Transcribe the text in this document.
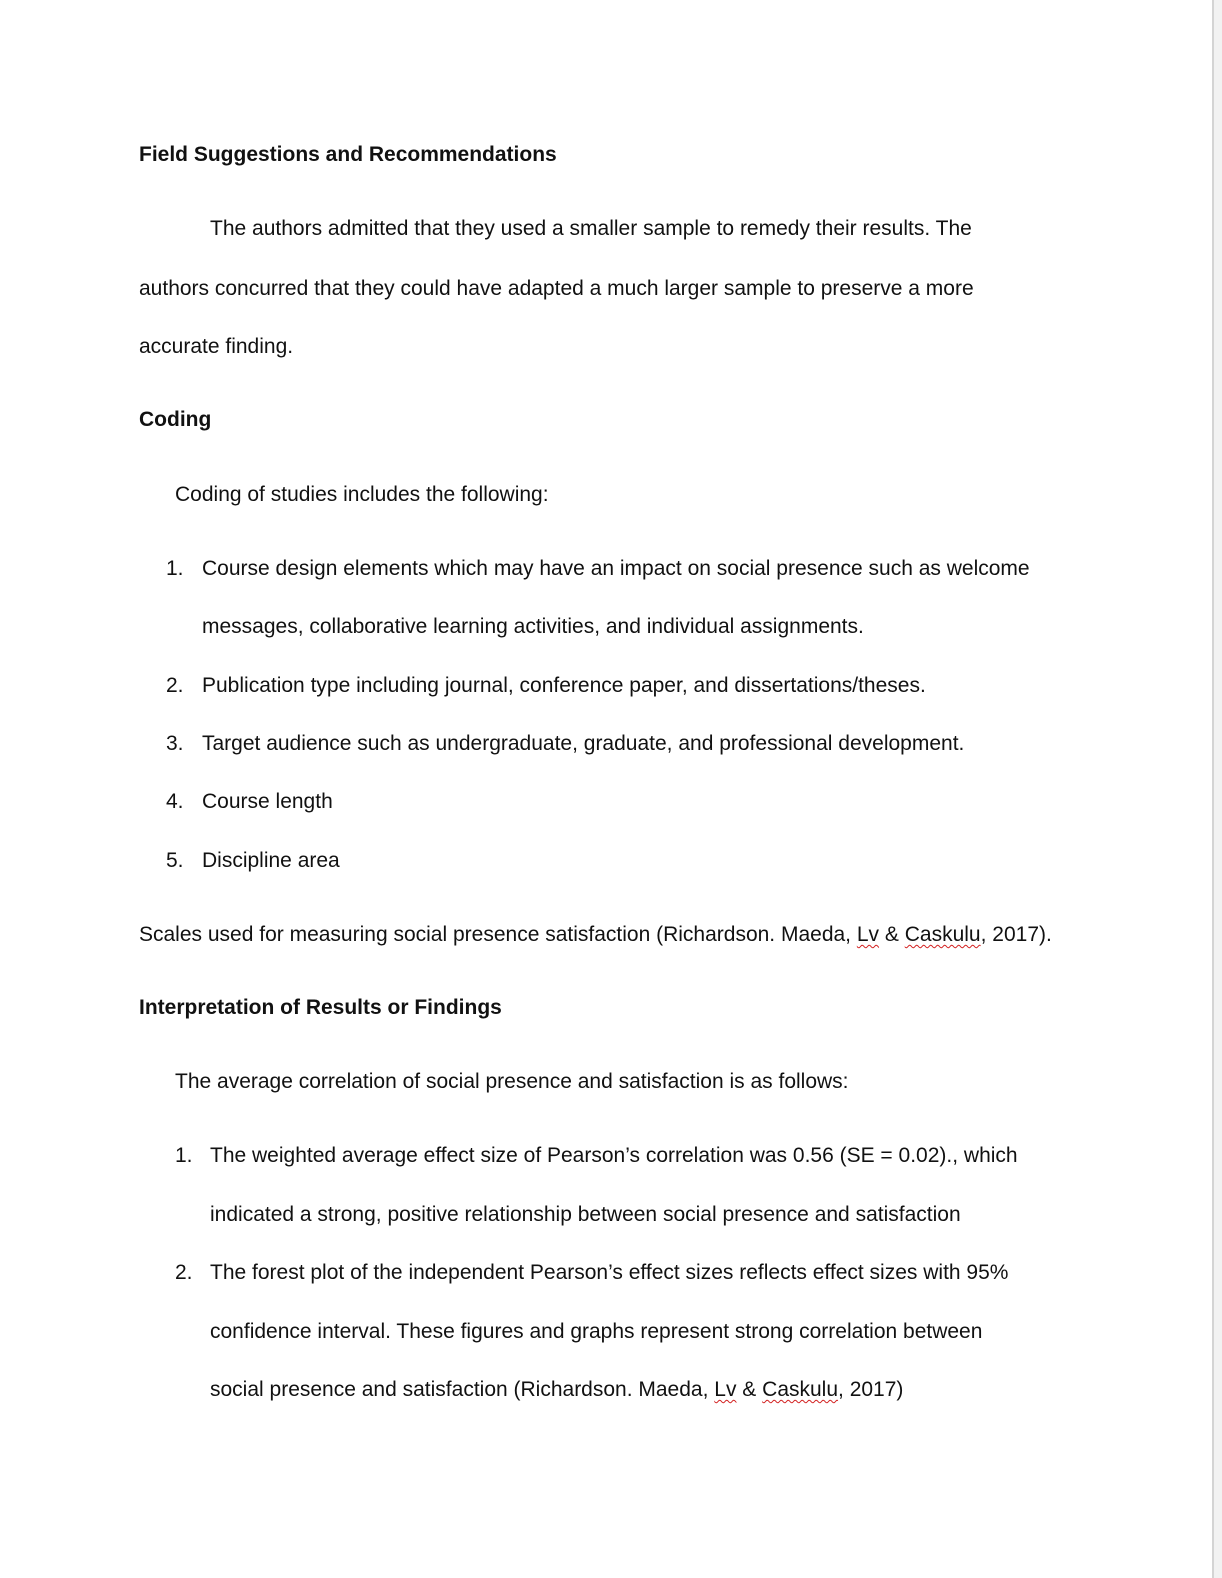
Field Suggestions and Recommendations
The authors admitted that they used a smaller sample to remedy their results. The
authors concurred that they could have adapted a much larger sample to preserve a more
accurate finding.
Coding
Coding of studies includes the following:
1. Course design elements which may have an impact on social presence such as welcome
messages, collaborative learning activities, and individual assignments.
2. Publication type including journal, conference paper, and dissertations/theses.
3. Target audience such as undergraduate, graduate, and professional development.
4. Course length
5. Discipline area
Scales used for measuring social presence satisfaction (Richardson. Maeda, Lv & Caskulu, 2017).
Interpretation of Results or Findings
The average correlation of social presence and satisfaction is as follows:
1. The weighted average effect size of Pearson’s correlation was 0.56 (SE = 0.02)., which
indicated a strong, positive relationship between social presence and satisfaction
2. The forest plot of the independent Pearson’s effect sizes reflects effect sizes with 95%
confidence interval. These figures and graphs represent strong correlation between
social presence and satisfaction (Richardson. Maeda, Lv & Caskulu, 2017)
